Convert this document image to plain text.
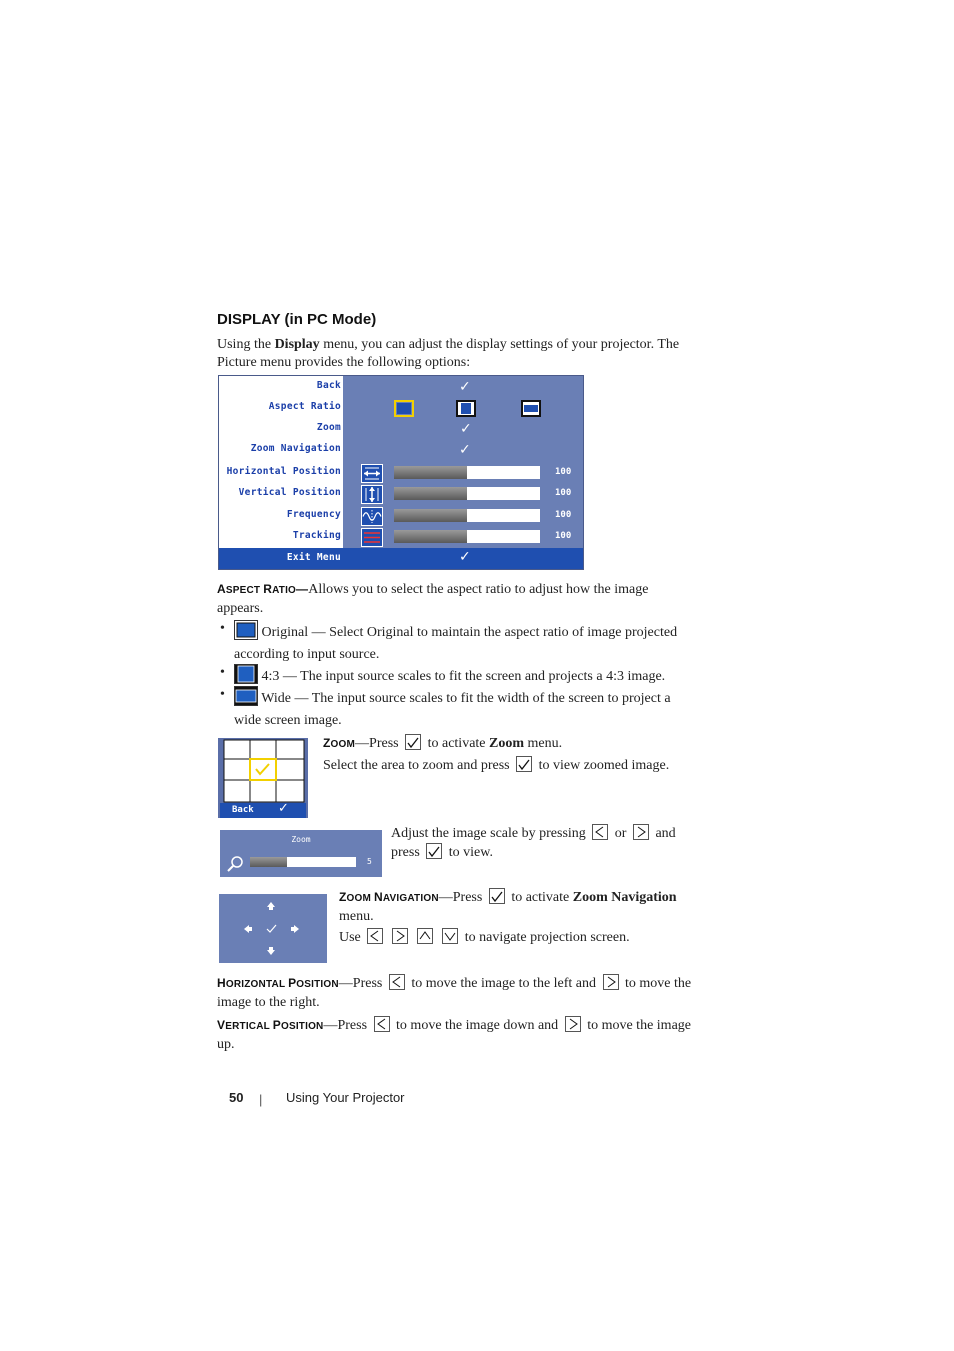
DISPLAY (in PC Mode)
Using the Display menu, you can adjust the display settings of your projector. The
Picture menu provides the following options:
Back	✓
Aspect Ratio
Zoom	✓
Zoom Navigation	✓
Horizontal Position	100
Vertical Position	100
Frequency	100
Tracking	100
Exit Menu	✓
ASPECT RATIO—Allows you to select the aspect ratio to adjust how the image
appears.
•	Original — Select Original to maintain the aspect ratio of image projected
according to input source.
•	4:3 — The input source scales to fit the screen and projects a 4:3 image.
•	Wide — The input source scales to fit the width of the screen to project a
wide screen image.
Back ✓
ZOOM—Press
to activate Zoom menu.
Select the area to zoom and press
to view zoomed image.
Zoom
5
Adjust the image scale by pressing
or
and
press
to view.
ZOOM NAVIGATION—Press
to activate Zoom Navigation
menu.
Use	to navigate projection screen.
HORIZONTAL POSITION—Press
to move the image to the left and
to move the
image to the right.
VERTICAL POSITION—Press
to move the image down and
to move the image
up.
50 | Using Your Projector
